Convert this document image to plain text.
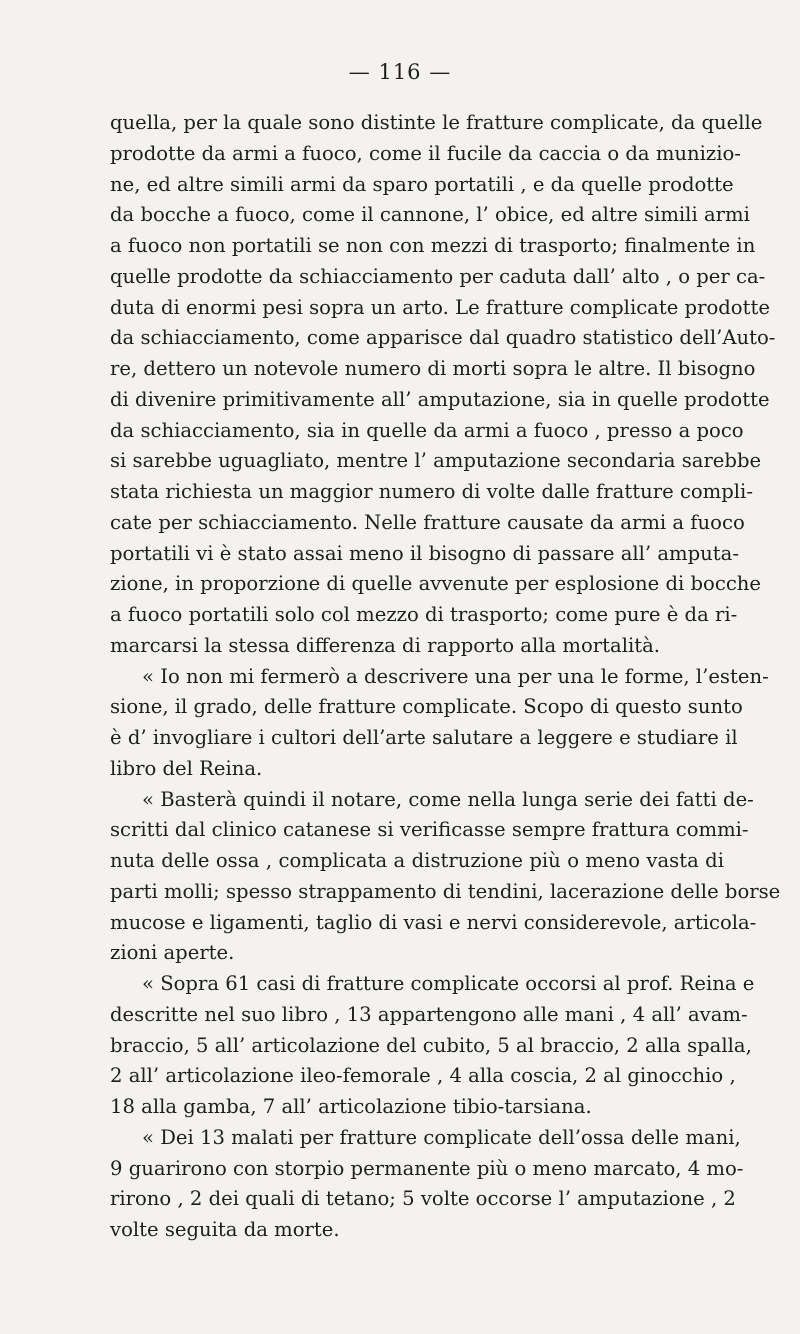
— 116 —
quella, per la quale sono distinte le fratture complicate, da quelle
prodotte da armi a fuoco, come il fucile da caccia o da munizio-
ne, ed altre simili armi da sparo portatili , e da quelle prodotte
da bocche a fuoco, come il cannone, l’ obice, ed altre simili armi
a fuoco non portatili se non con mezzi di trasporto; finalmente in
quelle prodotte da schiacciamento per caduta dall’ alto , o per ca-
duta di enormi pesi sopra un arto. Le fratture complicate prodotte
da schiacciamento, come apparisce dal quadro statistico dell’Auto-
re, dettero un notevole numero di morti sopra le altre. Il bisogno
di divenire primitivamente all’ amputazione, sia in quelle prodotte
da schiacciamento, sia in quelle da armi a fuoco , presso a poco
si sarebbe uguagliato, mentre l’ amputazione secondaria sarebbe
stata richiesta un maggior numero di volte dalle fratture compli-
cate per schiacciamento. Nelle fratture causate da armi a fuoco
portatili vi è stato assai meno il bisogno di passare all’ amputa-
zione, in proporzione di quelle avvenute per esplosione di bocche
a fuoco portatili solo col mezzo di trasporto; come pure è da ri-
marcarsi la stessa differenza di rapporto alla mortalità.
« Io non mi fermerò a descrivere una per una le forme, l’esten-
sione, il grado, delle fratture complicate. Scopo di questo sunto
è d’ invogliare i cultori dell’arte salutare a leggere e studiare il
libro del Reina.
« Basterà quindi il notare, come nella lunga serie dei fatti de-
scritti dal clinico catanese si verificasse sempre frattura commi-
nuta delle ossa , complicata a distruzione più o meno vasta di
parti molli; spesso strappamento di tendini, lacerazione delle borse
mucose e ligamenti, taglio di vasi e nervi considerevole, articola-
zioni aperte.
« Sopra 61 casi di fratture complicate occorsi al prof. Reina e
descritte nel suo libro , 13 appartengono alle mani , 4 all’ avam-
braccio, 5 all’ articolazione del cubito, 5 al braccio, 2 alla spalla,
2 all’ articolazione ileo-femorale , 4 alla coscia, 2 al ginocchio ,
18 alla gamba, 7 all’ articolazione tibio-tarsiana.
« Dei 13 malati per fratture complicate dell’ossa delle mani,
9 guarirono con storpio permanente più o meno marcato, 4 mo-
rirono , 2 dei quali di tetano; 5 volte occorse l’ amputazione , 2
volte seguita da morte.
